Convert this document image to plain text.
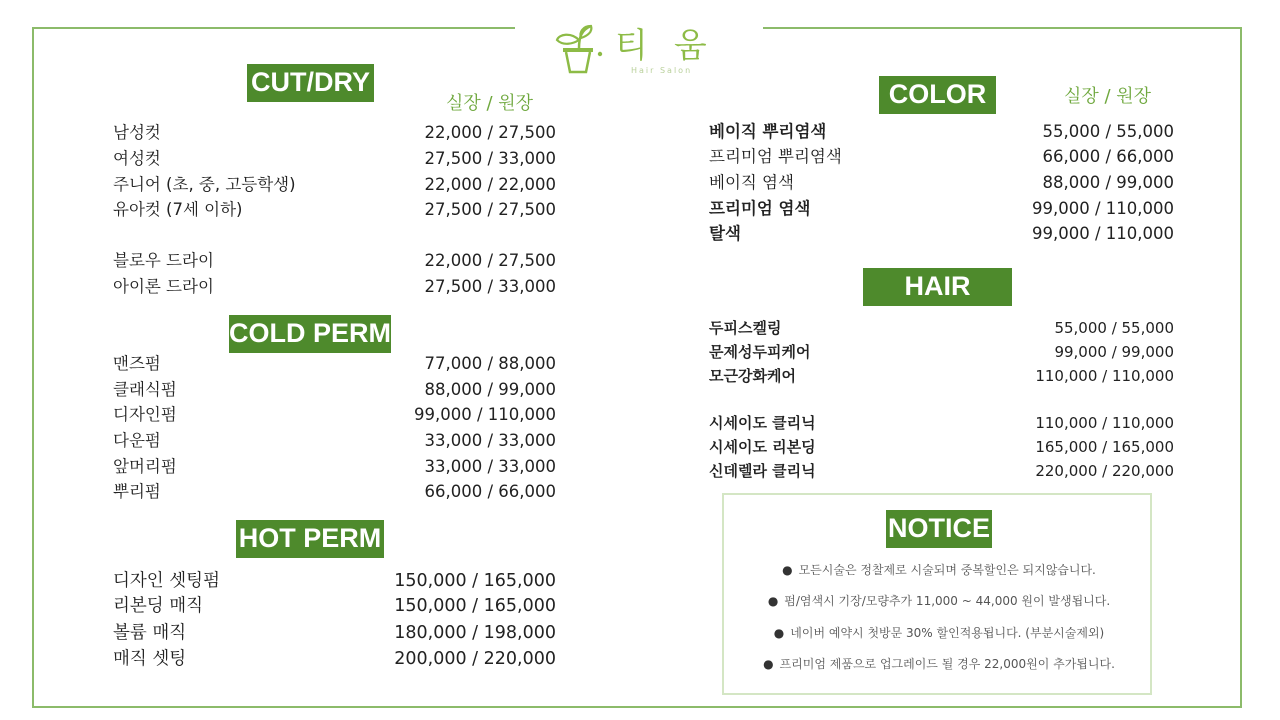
티움
Hair Salon
CUT/DRY
실장 / 원장
남성컷	22,000 / 27,500
여성컷	27,500 / 33,000
주니어 (초, 중, 고등학생)	22,000 / 22,000
유아컷 (7세 이하)	27,500 / 27,500
블로우 드라이	22,000 / 27,500
아이론 드라이	27,500 / 33,000
COLD PERM
맨즈펌	77,000 / 88,000
클래식펌	88,000 / 99,000
디자인펌	99,000 / 110,000
다운펌	33,000 / 33,000
앞머리펌	33,000 / 33,000
뿌리펌	66,000 / 66,000
HOT PERM
디자인 셋팅펌	150,000 / 165,000
리본딩 매직	150,000 / 165,000
볼륨 매직	180,000 / 198,000
매직 셋팅	200,000 / 220,000
COLOR	실장 / 원장
베이직 뿌리염색	55,000 / 55,000
프리미엄 뿌리염색	66,000 / 66,000
베이직 염색	88,000 / 99,000
프리미엄 염색	99,000 / 110,000
탈색	99,000 / 110,000
HAIR CARE
두피스켈링	55,000 / 55,000
문제성두피케어	99,000 / 99,000
모근강화케어	110,000 / 110,000
시세이도 클리닉	110,000 / 110,000
시세이도 리본딩	165,000 / 165,000
신데렐라 클리닉	220,000 / 220,000
NOTICE
● 모든시술은 정찰제로 시술되며 중복할인은 되지않습니다.
● 펌/염색시 기장/모량추가 11,000 ~ 44,000 원이 발생됩니다.
● 네이버 예약시 첫방문 30% 할인적용됩니다. (부분시술제외)
● 프리미엄 제품으로 업그레이드 될 경우 22,000원이 추가됩니다.
